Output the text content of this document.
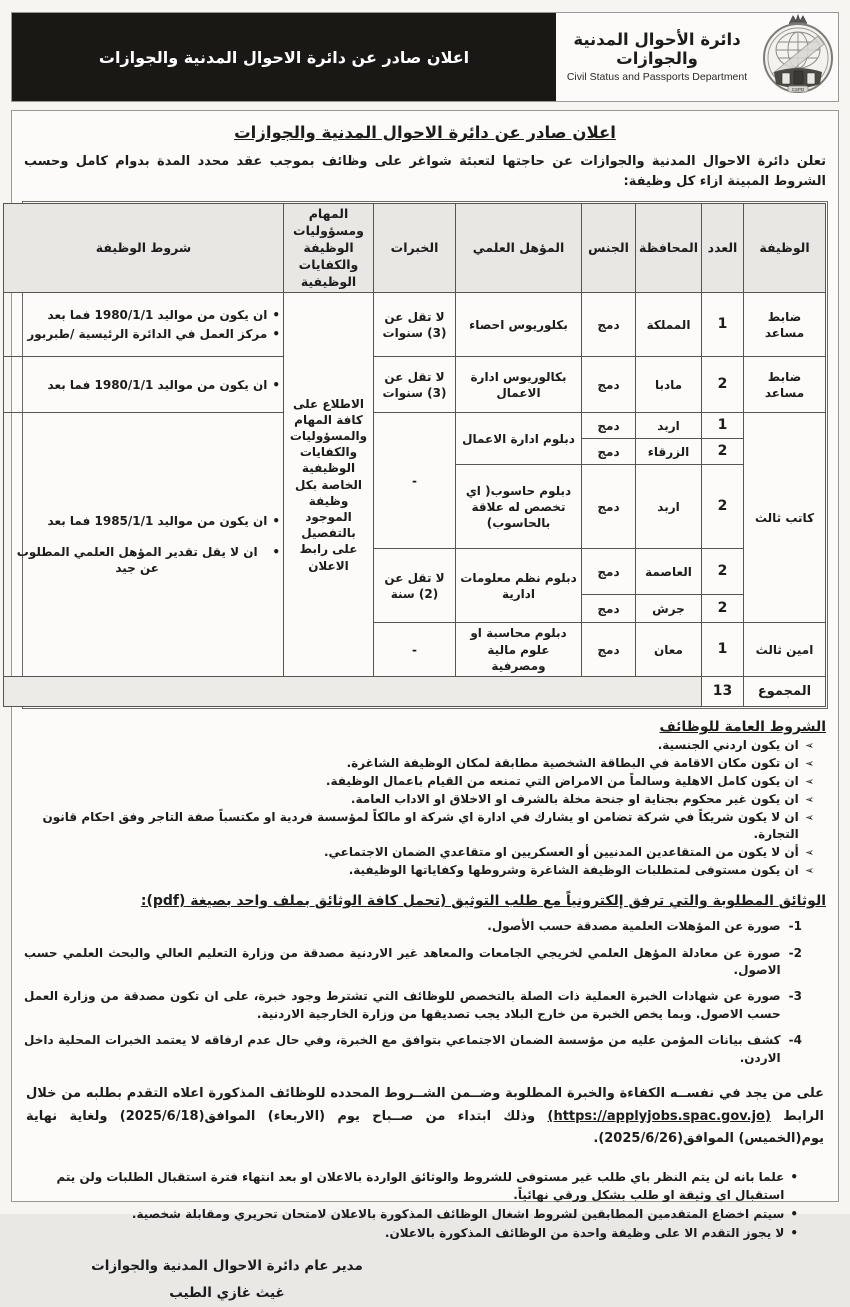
CSPD
دائرة الأحوال المدنية والجوازات
Civil Status and Passports Department
اعلان صادر عن دائرة الاحوال المدنية والجوازات
اعلان صادر عن دائرة الاحوال المدنية والجوازات

تعلن دائرة الاحوال المدنية والجوازات عن حاجتها لتعبئة شواغر على وظائف بموجب عقد محدد المدة بدوام كامل وحسب الشروط المبينة ازاء كل وظيفة:

الوظيفة	العدد	المحافظة	الجنس	المؤهل العلمي	الخبرات	المهام ومسؤوليات الوظيفة والكفايات الوظيفية	شروط الوظيفة
ضابط مساعد	1	المملكة	دمج	بكلوريوس احصاء	لا تقل عن (3) سنوات	الاطلاع على كافة المهام والمسؤوليات والكفايات الوظيفية الخاصة بكل وظيفة الموجود بالتفصيل على رابط الاعلان	•
ان يكون من مواليد 1980/1/1 فما بعد
•
مركز العمل في الدائرة الرئيسية /طبربور

ضابط مساعد	2	مادبا	دمج	بكالوريوس ادارة الاعمال	لا تقل عن (3) سنوات		•
ان يكون من مواليد 1980/1/1 فما بعد

كاتب ثالث	1	اربد	دمج	دبلوم ادارة الاعمال	-		•
ان يكون من مواليد 1985/1/1 فما بعد
•
ان لا يقل تقدير المؤهل العلمي المطلوب عن جيد

	2	الزرقاء	دمج				
	2	اربد	دمج	دبلوم حاسوب( اي تخصص له علاقة بالحاسوب)			
	2	العاصمة	دمج	دبلوم نظم معلومات ادارية	لا تقل عن (2) سنة		
	2	جرش	دمج				
امين ثالث	1	معان	دمج	دبلوم محاسبة او علوم مالية ومصرفية	-		
المجموع	13						
الشروط العامة للوظائف
➢
ان يكون اردني الجنسية.
➢
ان تكون مكان الاقامة في البطاقة الشخصية مطابقة لمكان الوظيفة الشاغرة.
➢
ان يكون كامل الاهلية وسالماً من الامراض التي تمنعه من القيام باعمال الوظيفة.
➢
ان يكون غير محكوم بجناية او جنحة مخلة بالشرف او الاخلاق او الاداب العامة.
➢
ان لا يكون شريكاً في شركة تضامن او يشارك في ادارة اي شركة او مالكاً لمؤسسة فردية او مكتسباً صفة التاجر وفق احكام قانون التجارة.
➢
أن لا يكون من المتقاعدين المدنيين أو العسكريين او متقاعدي الضمان الاجتماعي.
➢
ان يكون مستوفى لمتطلبات الوظيفة الشاغرة وشروطها وكفاياتها الوظيفية.
الوثائق المطلوبة والتي ترفق إلكترونياً مع طلب التوثيق (تحمل كافة الوثائق بملف واحد بصيغة (pdf):
1-
صورة عن المؤهلات العلمية مصدقة حسب الأصول.
2-
صورة عن معادلة المؤهل العلمي لخريجي الجامعات والمعاهد غير الاردنية مصدقة من وزارة التعليم العالي والبحث العلمي حسب الاصول.
3-
صورة عن شهادات الخبرة العملية ذات الصلة بالتخصص للوظائف التي تشترط وجود خبرة، على ان تكون مصدقة من وزارة العمل حسب الاصول. وبما يخص الخبرة من خارج البلاد يجب تصديقها من وزارة الخارجية الاردنية.
4-
كشف بيانات المؤمن عليه من مؤسسة الضمان الاجتماعي بتوافق مع الخبرة، وفي حال عدم ارفاقه لا يعتمد الخبرات المحلية داخل الاردن.

على من يجد في نفســه الكفاءة والخبرة المطلوبة وضــمن الشــروط المحدده للوظائف المذكورة اعلاه التقدم بطلبه من خلال الرابط (https://applyjobs.spac.gov.jo) وذلك ابتداء من صــباح يوم (الاربعاء) الموافق(2025/6/18) ولغاية نهاية يوم(الخميس) الموافق(2025/6/26).

•
علما بانه لن يتم النظر باي طلب غير مستوفى للشروط والوثائق الواردة بالاعلان او بعد انتهاء فترة استقبال الطلبات ولن يتم استقبال اي وثيقة او طلب بشكل ورقي نهائياً.
•
سيتم اخضاع المتقدمين المطابقين لشروط اشغال الوظائف المذكورة بالاعلان لامتحان تحريري ومقابلة شخصية.
•
لا يجوز التقدم الا على وظيفة واحدة من الوظائف المذكورة بالاعلان.
مدير عام دائرة الاحوال المدنية والجوازات
غيث غازي الطيب
